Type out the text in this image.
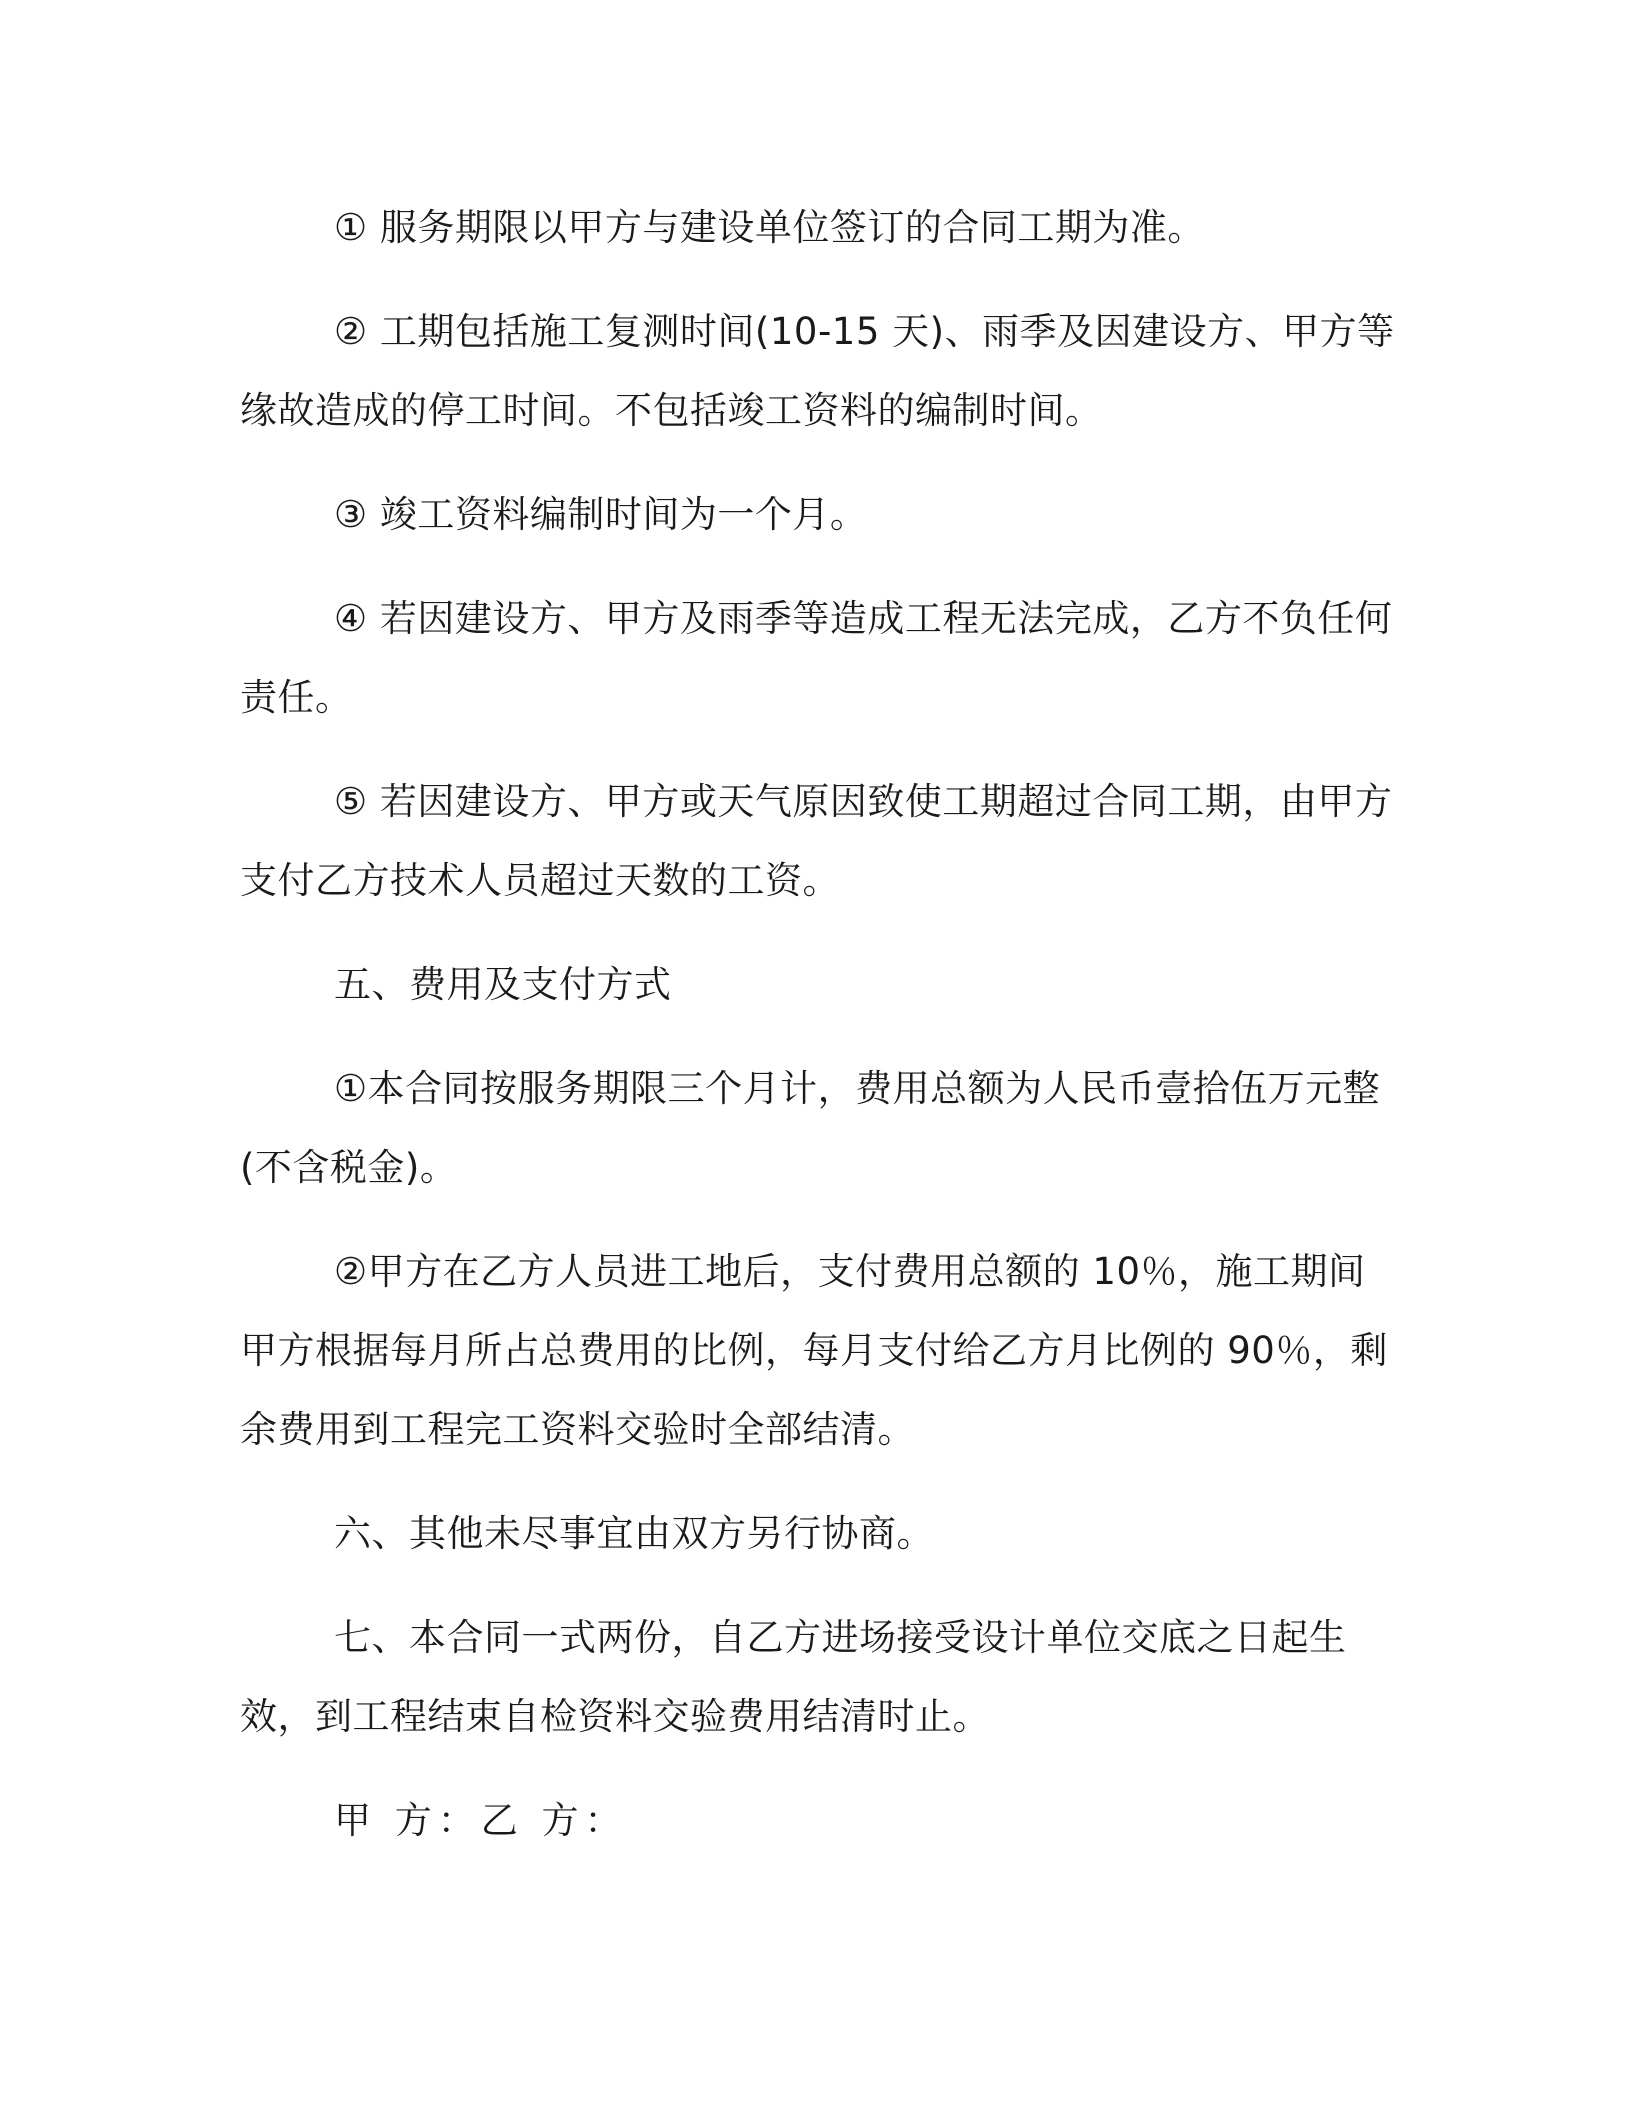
① 服务期限以甲方与建设单位签订的合同工期为准。

② 工期包括施工复测时间(10-15 天)、雨季及因建设方、甲方等缘故造成的停工时间。不包括竣工资料的编制时间。

③ 竣工资料编制时间为一个月。

④ 若因建设方、甲方及雨季等造成工程无法完成，乙方不负任何责任。

⑤ 若因建设方、甲方或天气原因致使工期超过合同工期，由甲方支付乙方技术人员超过天数的工资。

五、费用及支付方式

①本合同按服务期限三个月计，费用总额为人民币壹拾伍万元整(不含税金)。

②甲方在乙方人员进工地后，支付费用总额的 10％，施工期间甲方根据每月所占总费用的比例，每月支付给乙方月比例的 90％，剩余费用到工程完工资料交验时全部结清。

六、其他未尽事宜由双方另行协商。

七、本合同一式两份，自乙方进场接受设计单位交底之日起生效，到工程结束自检资料交验费用结清时止。

甲 方：乙 方：
